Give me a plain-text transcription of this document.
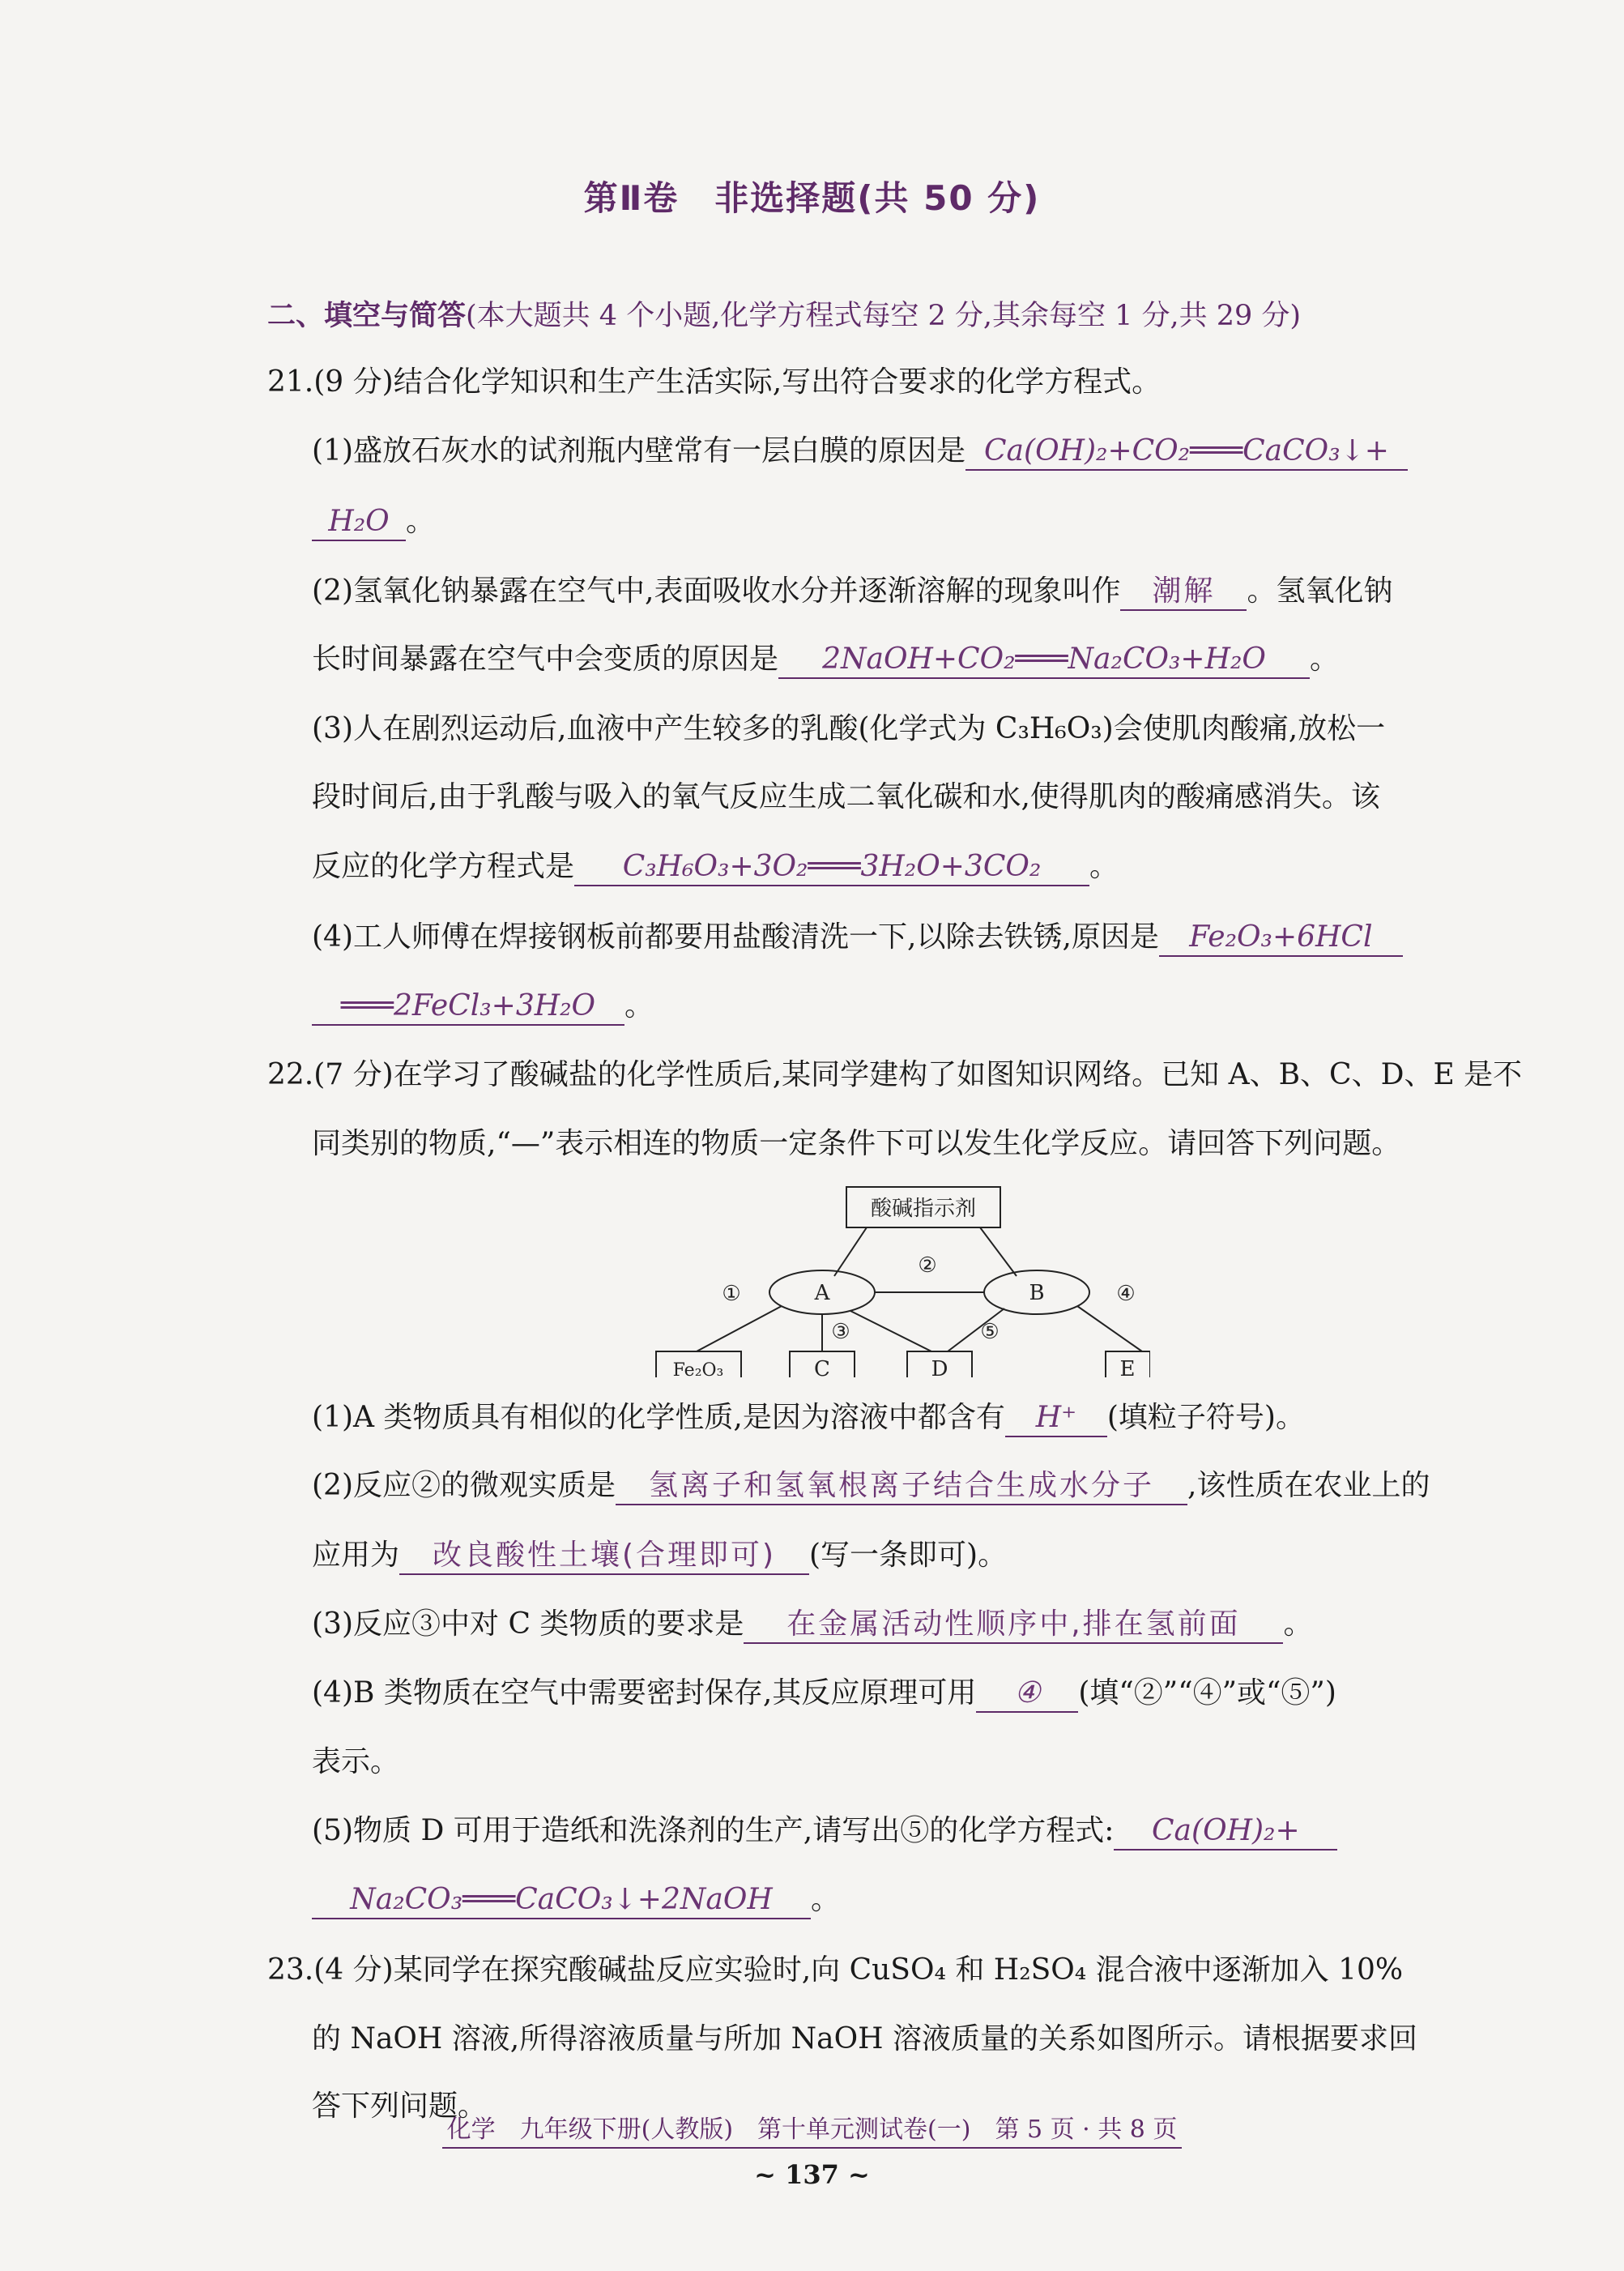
第Ⅱ卷　非选择题(共 50 分)
二、填空与简答(本大题共 4 个小题,化学方程式每空 2 分,其余每空 1 分,共 29 分)
21.(9 分)结合化学知识和生产生活实际,写出符合要求的化学方程式。
(1)盛放石灰水的试剂瓶内壁常有一层白膜的原因是 Ca(OH)₂+CO₂═══CaCO₃↓+
H₂O 。
(2)氢氧化钠暴露在空气中,表面吸收水分并逐渐溶解的现象叫作 潮解 。氢氧化钠
长时间暴露在空气中会变质的原因是 2NaOH+CO₂═══Na₂CO₃+H₂O 。
(3)人在剧烈运动后,血液中产生较多的乳酸(化学式为 C₃H₆O₃)会使肌肉酸痛,放松一
段时间后,由于乳酸与吸入的氧气反应生成二氧化碳和水,使得肌肉的酸痛感消失。该
反应的化学方程式是 C₃H₆O₃+3O₂═══3H₂O+3CO₂ 。
(4)工人师傅在焊接钢板前都要用盐酸清洗一下,以除去铁锈,原因是 Fe₂O₃+6HCl
═══2FeCl₃+3H₂O 。
22.(7 分)在学习了酸碱盐的化学性质后,某同学建构了如图知识网络。已知 A、B、C、D、E 是不
同类别的物质,“—”表示相连的物质一定条件下可以发生化学反应。请回答下列问题。
酸碱指示剂
A	B
Fe₂O₃	C	D	E
①
②
③
④
⑤
(1)A 类物质具有相似的化学性质,是因为溶液中都含有 H⁺ (填粒子符号)。
(2)反应②的微观实质是 氢离子和氢氧根离子结合生成水分子 ,该性质在农业上的
应用为 改良酸性土壤(合理即可) (写一条即可)。
(3)反应③中对 C 类物质的要求是 在金属活动性顺序中,排在氢前面 。
(4)B 类物质在空气中需要密封保存,其反应原理可用 ④ (填“②”“④”或“⑤”)
表示。
(5)物质 D 可用于造纸和洗涤剂的生产,请写出⑤的化学方程式: Ca(OH)₂+
Na₂CO₃═══CaCO₃↓+2NaOH 。
23.(4 分)某同学在探究酸碱盐反应实验时,向 CuSO₄ 和 H₂SO₄ 混合液中逐渐加入 10%
的 NaOH 溶液,所得溶液质量与所加 NaOH 溶液质量的关系如图所示。请根据要求回
答下列问题。
化学　九年级下册(人教版)　第十单元测试卷(一)　第 5 页 · 共 8 页
~ 137 ~
